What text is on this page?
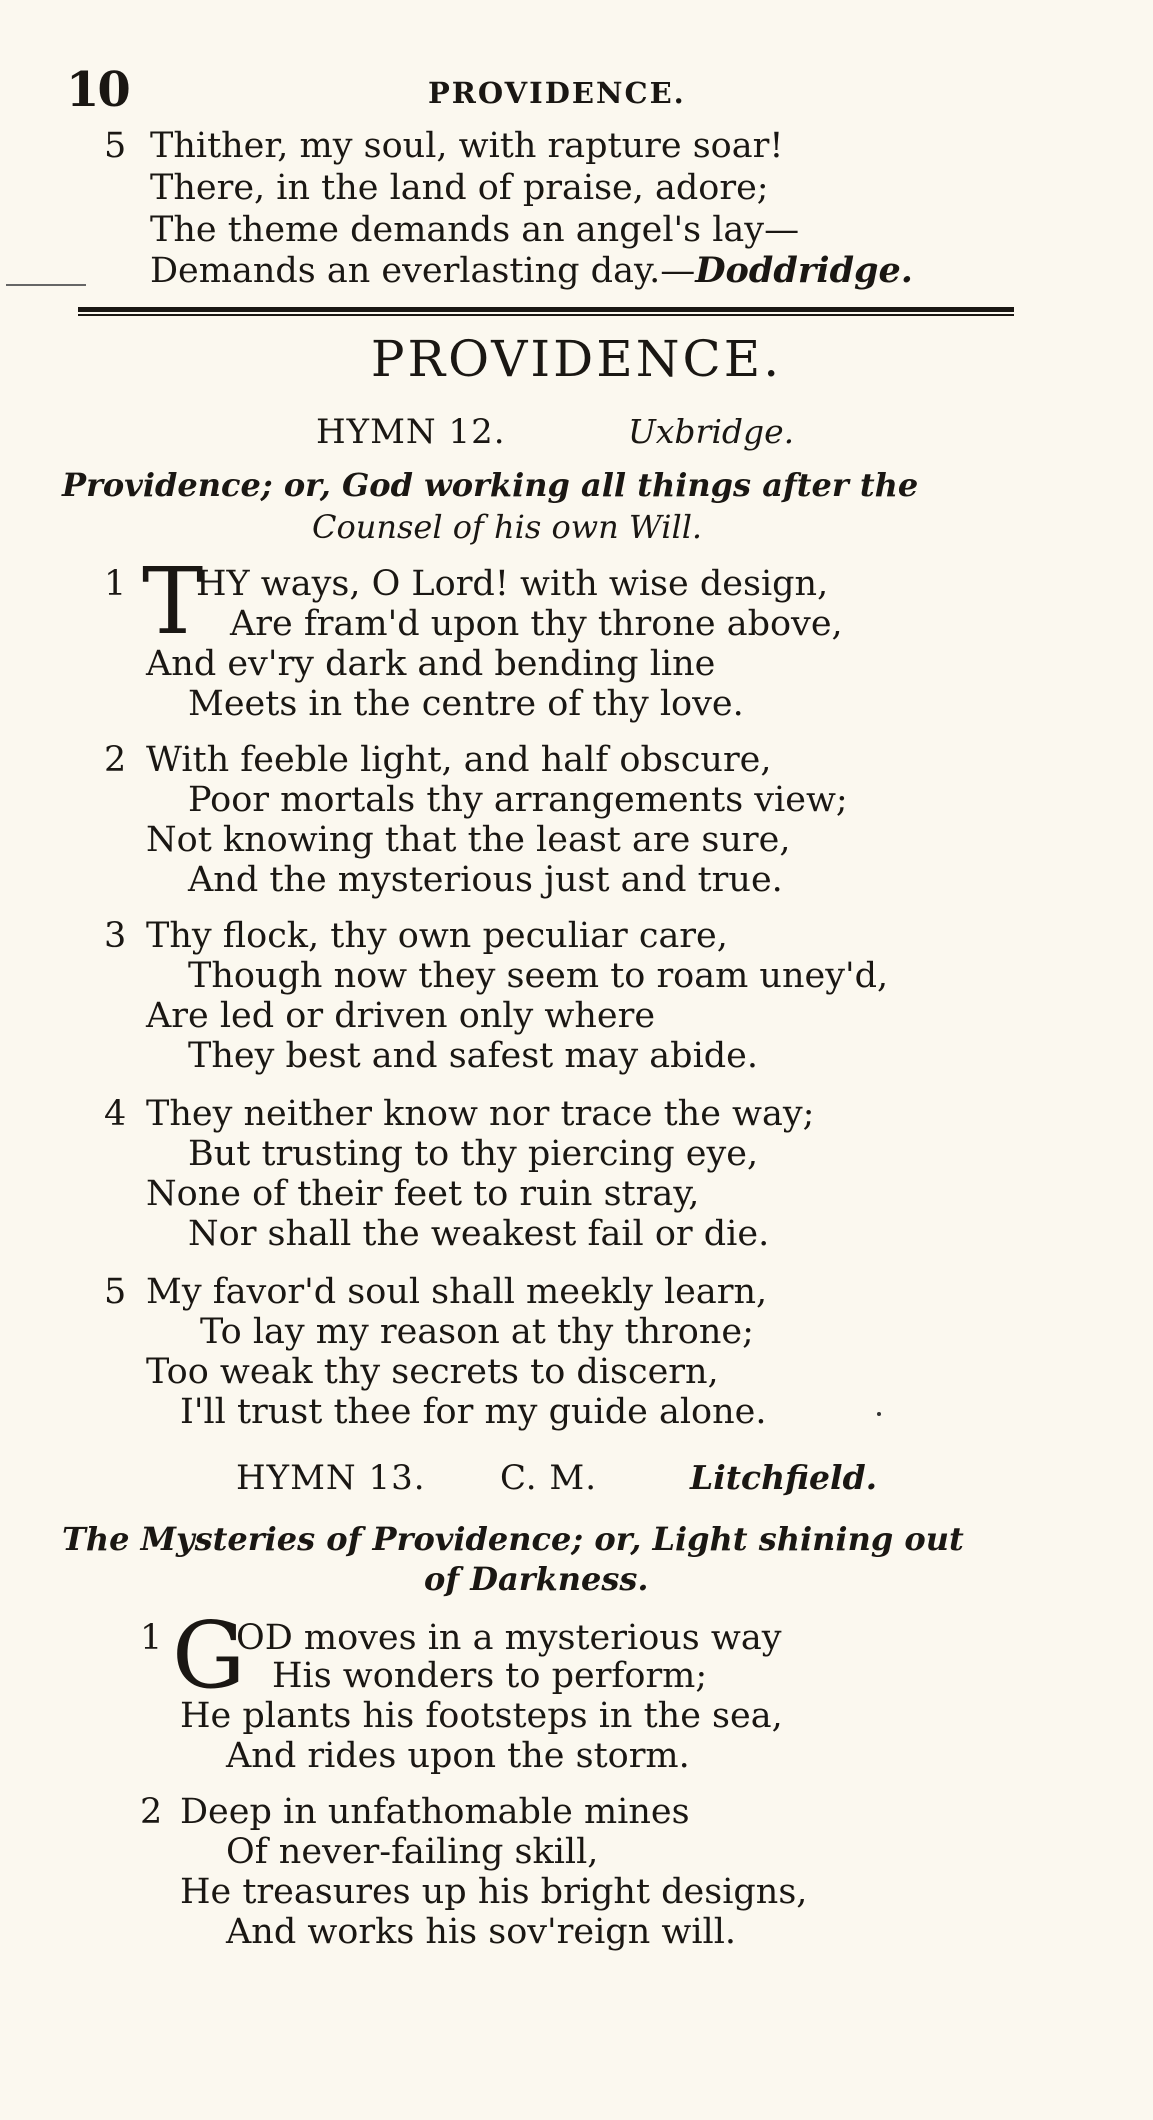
10	PROVIDENCE.
5 Thither, my soul, with rapture soar!
There, in the land of praise, adore;
The theme demands an angel's lay—
Demands an everlasting day.—Doddridge.
PROVIDENCE.
HYMN 12.	Uxbridge.
Providence; or, God working all things after the
Counsel of his own Will.
1 T
HY ways, O Lord! with wise design,
Are fram'd upon thy throne above,
And ev'ry dark and bending line
Meets in the centre of thy love.
2 With feeble light, and half obscure,
Poor mortals thy arrangements view;
Not knowing that the least are sure,
And the mysterious just and true.
3 Thy flock, thy own peculiar care,
Though now they seem to roam uney'd,
Are led or driven only where
They best and safest may abide.
4 They neither know nor trace the way;
But trusting to thy piercing eye,
None of their feet to ruin stray,
Nor shall the weakest fail or die.
5 My favor'd soul shall meekly learn,
To lay my reason at thy throne;
Too weak thy secrets to discern,
I'll trust thee for my guide alone.
HYMN 13. C. M.	Litchfield.
The Mysteries of Providence; or, Light shining out
of Darkness.
1 G
OD moves in a mysterious way
His wonders to perform;
He plants his footsteps in the sea,
And rides upon the storm.
2 Deep in unfathomable mines
Of never-failing skill,
He treasures up his bright designs,
And works his sov'reign will.
